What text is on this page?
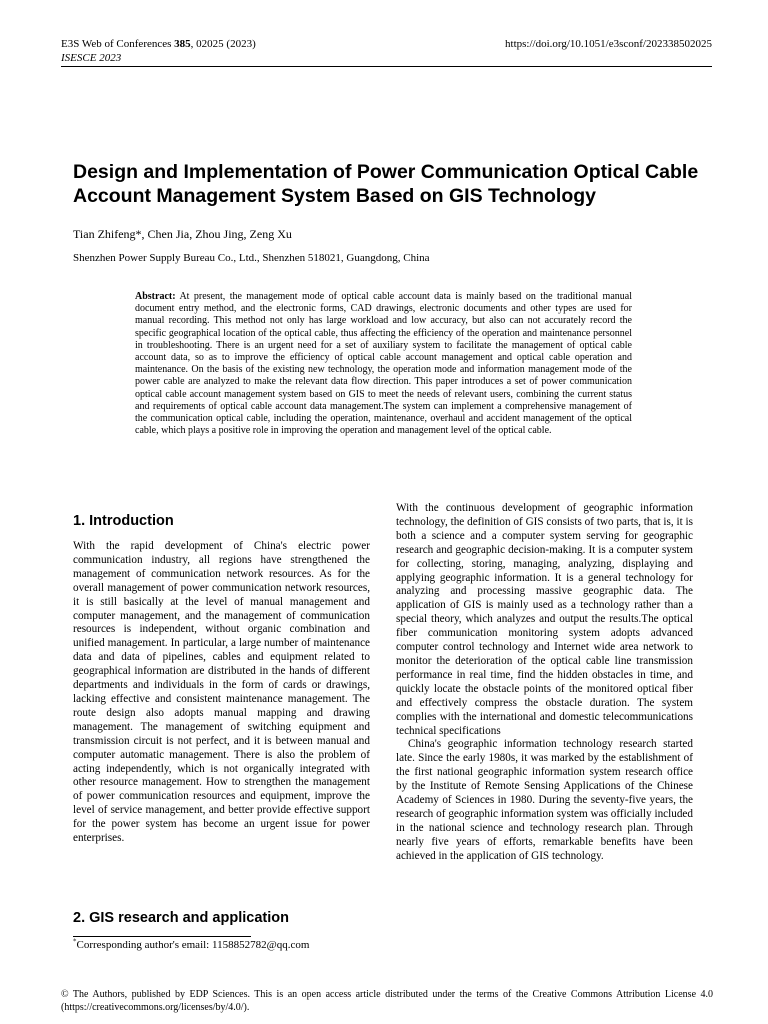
E3S Web of Conferences 385, 02025 (2023)	https://doi.org/10.1051/e3sconf/202338502025
ISESCE 2023
Design and Implementation of Power Communication Optical Cable Account Management System Based on GIS Technology
Tian Zhifeng*, Chen Jia, Zhou Jing, Zeng Xu
Shenzhen Power Supply Bureau Co., Ltd., Shenzhen 518021, Guangdong, China

Abstract: At present, the management mode of optical cable account data is mainly based on the traditional manual document entry method, and the electronic forms, CAD drawings, electronic documents and other types are used for manual recording. This method not only has large workload and low accuracy, but also can not accurately record the specific geographical location of the optical cable, thus affecting the efficiency of the operation and maintenance personnel in troubleshooting. There is an urgent need for a set of auxiliary system to facilitate the management of optical cable account data, so as to improve the efficiency of optical cable account management and optical cable operation and maintenance. On the basis of the existing new technology, the operation mode and information management mode of the power cable are analyzed to make the relevant data flow direction. This paper introduces a set of power communication optical cable account management system based on GIS to meet the needs of relevant users, combining the current status and requirements of optical cable account data management.The system can implement a comprehensive management of the communication optical cable, including the operation, maintenance, overhaul and accident management of the optical cable, which plays a positive role in improving the operation and management level of the optical cable.

1. Introduction

With the rapid development of China's electric power communication industry, all regions have strengthened the management of communication network resources. As for the overall management of power communication network resources, it is still basically at the level of manual management and computer management, and the management of communication resources is independent, without organic combination and unified management. In particular, a large number of maintenance data and data of pipelines, cables and equipment related to geographical information are distributed in the hands of different departments and individuals in the form of cards or drawings, lacking effective and consistent maintenance management. The route design also adopts manual mapping and drawing management. The management of switching equipment and transmission circuit is not perfect, and it is between manual and computer automatic management. There is also the problem of acting independently, which is not organically integrated with other resource management. How to strengthen the management of power communication resources and equipment, improve the level of service management, and better provide effective support for the power system has become an urgent issue for power enterprises.

2. GIS research and application
*Corresponding author's email: 1158852782@qq.com

With the continuous development of geographic information technology, the definition of GIS consists of two parts, that is, it is both a science and a computer system serving for geographic research and geographic decision-making. It is a computer system for collecting, storing, managing, analyzing, displaying and applying geographic information. It is a general technology for analyzing and processing massive geographic data. The application of GIS is mainly used as a technology rather than a special theory, which analyzes and output the results.The optical fiber communication monitoring system adopts advanced computer control technology and Internet wide area network to monitor the deterioration of the optical cable line transmission performance in real time, find the hidden obstacles in time, and quickly locate the obstacle points of the monitored optical fiber and effectively compress the obstacle duration. The system complies with the international and domestic telecommunications technical specifications

China's geographic information technology research started late. Since the early 1980s, it was marked by the establishment of the first national geographic information system research office by the Institute of Remote Sensing Applications of the Chinese Academy of Sciences in 1980. During the seventy-five years, the research of geographic information system was officially included in the national science and technology research plan. Through nearly five years of efforts, remarkable benefits have been achieved in the application of GIS technology.

© The Authors, published by EDP Sciences. This is an open access article distributed under the terms of the Creative Commons Attribution License 4.0 (https://creativecommons.org/licenses/by/4.0/).
